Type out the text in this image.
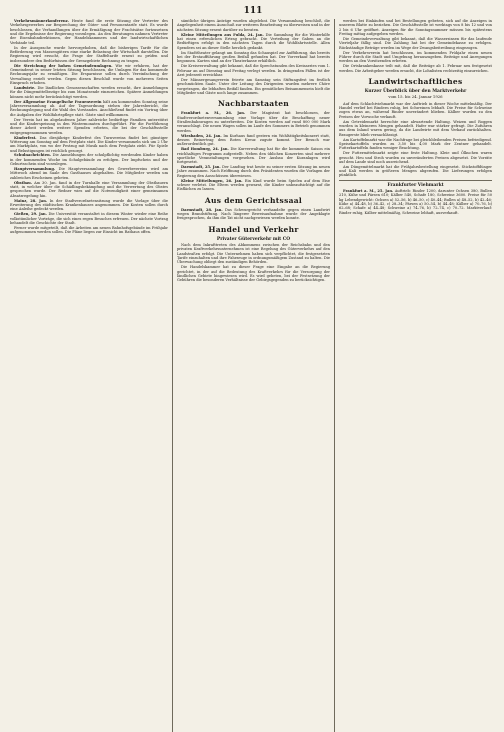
111

Verkehrsmännerkonferenz. Heute fand die erste Sitzung der Vertreter des Verkehrsgewerbes zur Besprechung der Güter- und Personentarife statt. Es wurde beschlossen, die Verhandlungen über die Ermäßigung der Frachtsätze fortzusetzen und die Ergebnisse der Regierung vorzulegen. An den Beratungen nahmen Vertreter der Eisenbahndirektionen, der Handelskammern und der landwirtschaftlichen Verbände teil.

In der Aussprache wurde hervorgehoben, daß die bisherigen Tarife für die Beförderung von Massengütern eine starke Belastung der Wirtschaft darstellen. Die Regierung wird ersucht, die Frage der Staffeltarife erneut zu prüfen und insbesondere den Bedürfnissen der Grenzgebiete Rechnung zu tragen.

Die Streichung der hohen Gemeindeumlagen. Wie wir erfahren, hat der Gemeinderat in seiner letzten Sitzung beschlossen, die Umlagen für das kommende Rechnungsjahr zu ermäßigen. Die Ersparnisse sollen durch Vereinfachung der Verwaltung erzielt werden. Gegen diesen Beschluß wurde von mehreren Seiten Einspruch erhoben.

Landwirte. Die ländlichen Genossenschaften werden ersucht, ihre Anmeldungen für die Düngemittelbezüge bis zum Monatsende einzureichen. Spätere Anmeldungen können nicht mehr berücksichtigt werden.

Der Allgemeine Evangelische Frauenverein hält am kommenden Sonntag seine Jahresversammlung ab. Auf der Tagesordnung stehen der Jahresbericht, die Rechnungslegung und die Wahl des Vorstandes. Anschließend findet ein Vortrag über die Aufgaben der Wohlfahrtspflege statt. Gäste sind willkommen.

Der Verein hat im abgelaufenen Jahre zahlreiche bedürftige Familien unterstützt und die Kinderspeisung in den Wintermonaten durchgeführt. Für die Fortführung dieser Arbeit werden weitere Spenden erbeten, die bei der Geschäftsstelle entgegengenommen werden.

Kinderfest. Das diesjährige Kinderfest des Turnvereins findet bei günstiger Witterung am Sonntag auf dem Festplatz statt. Die Kinder versammeln sich um 2 Uhr am Marktplatz, von wo der Festzug mit Musik nach dem Festplatz zieht. Für Spiele und Belustigungen ist reichlich gesorgt.

Schulnachrichten. Die Anmeldungen der schulpflichtig werdenden Kinder haben in der kommenden Woche im Schulgebäude zu erfolgen. Der Impfschein und der Geburtsschein sind vorzulegen.

Hauptversammlung. Die Hauptversammlung des Gewerbevereins wird am Mittwoch abend im Saale des Gasthauses abgehalten. Die Mitglieder werden um zahlreiches Erscheinen gebeten.

Obstbau. Am 30. Jan. fand in der Turnhalle eine Versammlung der Obstbauern statt, in welcher über die Schädlingsbekämpfung und die Verwertung des Obstes gesprochen wurde. Der Redner wies auf die Notwendigkeit einer gemeinsamen Absatzregelung hin.

Mainz, 28. Jan. In der Stadtverordnetensitzung wurde die Vorlage über die Erweiterung des städtischen Krankenhauses angenommen. Die Kosten sollen durch eine Anleihe gedeckt werden.

Gießen, 29. Jan. Die Universität veranstaltet in diesem Winter wieder eine Reihe volkstümlicher Vorträge, die sich eines regen Besuches erfreuen. Der nächste Vortrag behandelt die Geschichte der Stadt.

Ferner wurde mitgeteilt, daß die Arbeiten am neuen Bahnhofsgebäude im Frühjahr aufgenommen werden sollen. Die Pläne liegen zur Einsicht im Rathaus offen.

sämtliche übrigen Anträge wurden abgelehnt. Die Versammlung beschloß, die Angelegenheit einem Ausschuß zur weiteren Bearbeitung zu überweisen und in der nächsten Sitzung erneut darüber zu beraten.

Kleine Mitteilungen aus Fulda, 24. Jan. Die Sammlung für die Winterhilfe hat einen erfreulichen Ertrag gebracht. Die Verteilung der Gaben an die Bedürftigen erfolgt in den nächsten Tagen durch die Wohlfahrtsstelle. Allen Spendern sei an dieser Stelle herzlich gedankt.

Im Stadttheater gelangt am Sonntag das Schauspiel zur Aufführung, das bereits bei der Erstaufführung großen Beifall gefunden hat. Der Vorverkauf hat bereits begonnen. Karten sind an der Theaterkasse erhältlich.

Die Kreisverwaltung gibt bekannt, daß die Sprechstunden des Kreisarztes vom 1. Februar an auf Dienstag und Freitag verlegt werden. In dringenden Fällen ist der Arzt jederzeit erreichbar.

Der Männergesangverein feierte am Samstag sein Stiftungsfest im festlich geschmückten Saale. Unter der Leitung des Dirigenten wurden mehrere Chöre vorgetragen, die lebhaften Beifall fanden. Ein gemütliches Beisammensein hielt die Mitglieder und Gäste noch lange zusammen.

Nachbarstaaten

Frankfurt a. M., 26. Jan. Der Magistrat hat beschlossen, der Stadtverordnetenversammlung eine Vorlage über die Beschaffung neuer Straßenbahnwagen zu unterbreiten. Die Kosten werden auf rund 800 000 Mark veranschlagt. Die neuen Wagen sollen im Laufe des Sommers in Betrieb genommen werden.

Wiesbaden, 24. Jan. Im Kurhaus fand gestern ein Wohltätigkeitskonzert statt, dessen Reinertrag dem Roten Kreuz zugute kommt. Der Besuch war außerordentlich gut.

Bad Homburg, 24. Jan. Die Kurverwaltung hat für die kommende Saison ein reichhaltiges Programm aufgestellt. Neben den üblichen Konzerten sind mehrere sportliche Veranstaltungen vorgesehen. Der Ausbau der Kuranlagen wird fortgesetzt.

Darmstadt, 25. Jan. Der Landtag trat heute zu seiner ersten Sitzung im neuen Jahre zusammen. Nach Eröffnung durch den Präsidenten wurden die Vorlagen der Regierung den Ausschüssen überwiesen.

Kleine Mitteilungen, 26. Jan. Ein Kind wurde beim Spielen auf dem Eise schwer verletzt. Die Eltern werden gewarnt, die Kinder unbeaufsichtigt auf die Eisflächen zu lassen.

Aus dem Gerichtssaal

Darmstadt, 28. Jan. Das Schwurgericht verhandelte gegen einen Landwirt wegen Brandstiftung. Nach längerer Beweisaufnahme wurde der Angeklagte freigesprochen, da ihm die Tat nicht nachgewiesen werden konnte.

Handel und Verkehr
Privater Güterverkehr mit CO

Nach dem Inkrafttreten des Abkommens zwischen der Reichsbahn und den privaten Kraftverkehrsunternehmen ist eine Regelung des Güterverkehrs auf den Landstraßen erfolgt. Die Unternehmen haben sich verpflichtet, die festgesetzten Tarife einzuhalten und ihre Fahrzeuge in ordnungsmäßigem Zustand zu halten. Die Überwachung obliegt den zuständigen Behörden.

Die Handelskammer hat zu dieser Frage eine Eingabe an die Regierung gerichtet, in der auf die Bedeutung des Kraftverkehrs für die Versorgung der ländlichen Gebiete hingewiesen wird. Es wird gebeten, bei der Festsetzung der Gebühren die besonderen Verhältnisse der Gebirgsgegenden zu berücksichtigen.

werden bei Einkäufen und bei Bestellungen gebeten, sich auf die Anzeigen in unserem Blatte zu beziehen. Die Geschäftsstelle ist werktags von 8 bis 12 und von 2 bis 6 Uhr geöffnet. Anzeigen für die Sonntagsnummer müssen bis spätestens Freitag mittag aufgegeben werden.

Die Gemeindeverwaltung gibt bekannt, daß die Wasserzinsen für das laufende Vierteljahr fällig sind. Die Zahlung hat bei der Gemeindekasse zu erfolgen. Rückständige Beträge werden im Wege der Zwangsbeitreibung eingezogen.

Der Verkehrsverein hat beschlossen, im kommenden Frühjahr einen neuen Führer durch die Stadt und Umgebung herauszugeben. Beiträge und Anregungen werden an den Vorsitzenden erbeten.

Die Ortskrankenkasse teilt mit, daß die Beiträge ab 1. Februar neu festgesetzt werden. Die Arbeitgeber werden ersucht, die Lohnlisten rechtzeitig einzureichen.

Landwirtschaftliches
Kurzer Überblick über den Marktverkehr
vom 15. bis 24. Januar 1926

Auf dem Schlachtviehmarkt war der Auftrieb in dieser Woche mittelmäßig. Der Handel verlief bei Rindern ruhig, bei Schweinen lebhaft. Die Preise für Schweine zogen etwas an, während Rinder unverändert blieben. Kälber wurden zu den Preisen der Vorwoche verkauft.

Am Getreidemarkt herrschte eine abwartende Haltung. Weizen und Roggen wurden in kleineren Mengen gehandelt. Hafer war stärker gefragt. Die Zufuhren aus dem Inland waren gering, da die Landwirte mit dem Verkauf zurückhalten. Braugerste blieb vernachlässigt.

Am Kartoffelmarkt war die Nachfrage bei gleichbleibenden Preisen befriedigend. Speisekartoffeln wurden zu 3,50 bis 4,00 Mark der Zentner gehandelt. Futterkartoffeln fanden weniger Beachtung.

Der Futtermittelmarkt zeigte eine feste Haltung. Kleie und Ölkuchen waren gesucht. Heu und Stroh wurden zu unveränderten Preisen abgesetzt. Die Vorräte auf dem Lande sind noch ausreichend.

Am Düngemittelmarkt hat die Frühjahrsbestellung eingesetzt. Stickstoffdünger und Kali werden in größeren Mengen abgerufen. Die Lieferungen erfolgen pünktlich.

Frankfurter Viehmarkt

Frankfurt a. M., 25. Jan. Auftrieb: Rinder 1200, darunter Ochsen 380, Bullen 210, Kühe und Färsen 610; Kälber 540, Schafe 180, Schweine 3600. Preise für 50 kg Lebendgewicht: Ochsen a) 52–56, b) 46–50, c) 40–44; Bullen a) 48–52, b) 42–46; Kühe a) 44–48, b) 36–42, c) 28–34; Färsen a) 50–54, b) 44–48; Kälber a) 70–76, b) 62–68; Schafe a) 44–48; Schweine a) 74–76, b) 72–74, c) 70–72. Marktverlauf: Rinder ruhig, Kälber mittelmäßig, Schweine lebhaft, ausverkauft.
